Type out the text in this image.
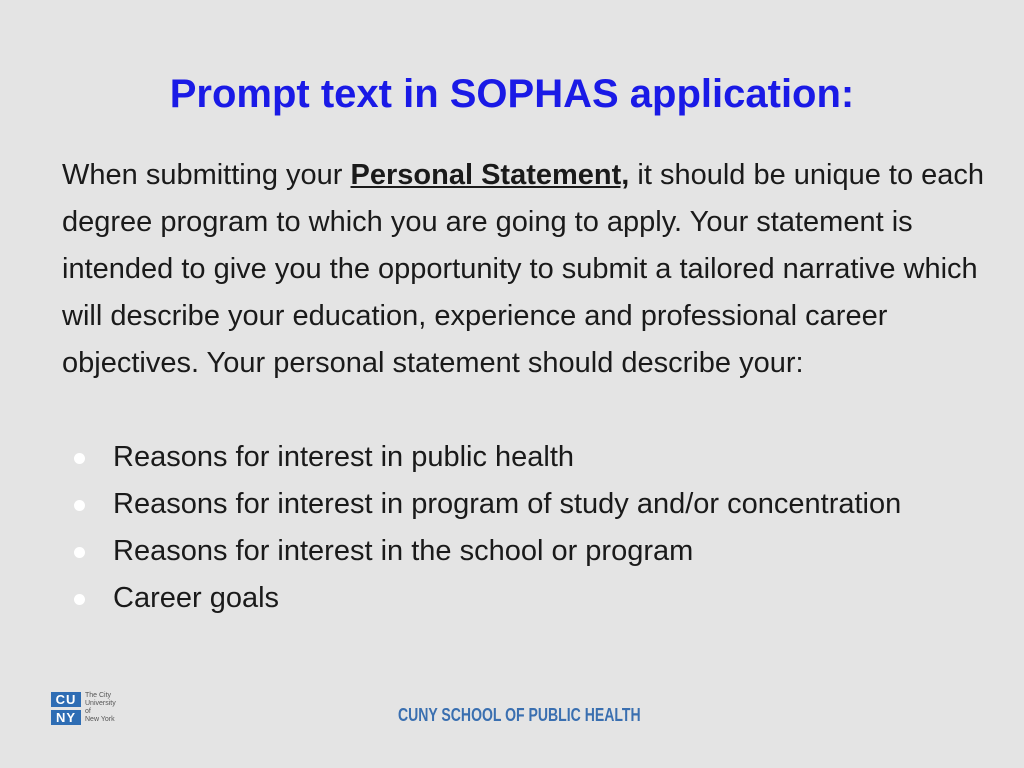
Prompt text in SOPHAS application:

When submitting your Personal Statement, it should be unique to each degree program to which you are going to apply. Your statement is intended to give you the opportunity to submit a tailored narrative which will describe your education, experience and professional career objectives. Your personal statement should describe your:

Reasons for interest in public health
Reasons for interest in program of study and/or concentration
Reasons for interest in the school or program
Career goals
CU
NY
The City
University
of
New York	CUNY SCHOOL OF PUBLIC HEALTH
